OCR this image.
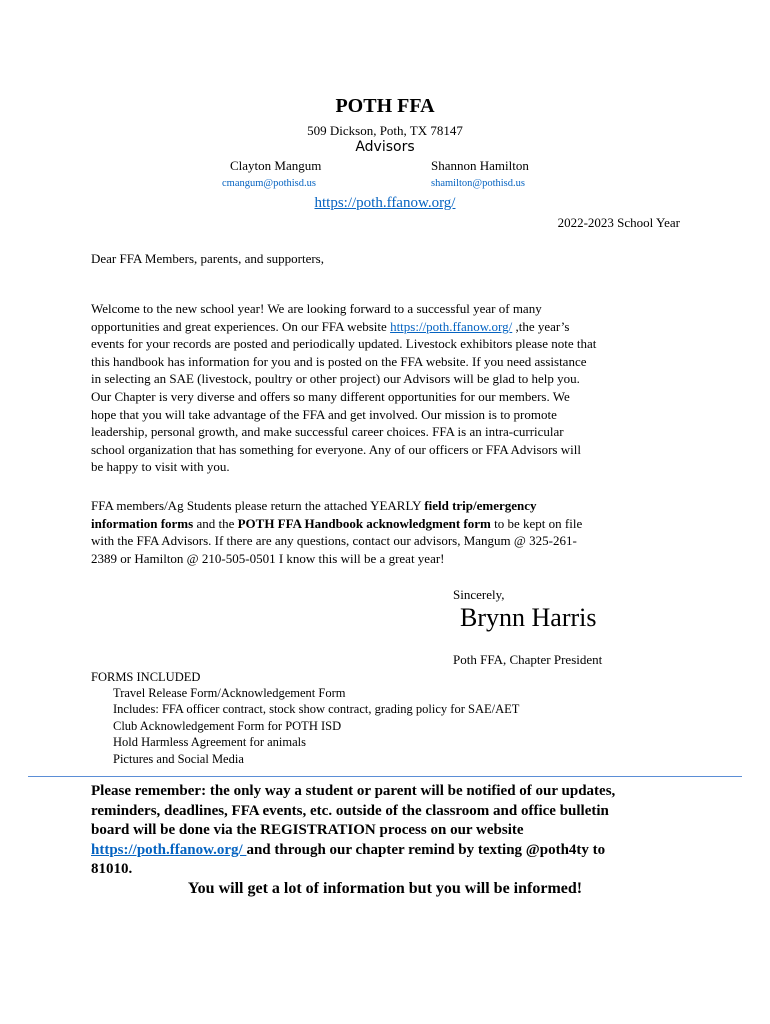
POTH FFA
509 Dickson, Poth, TX 78147
Advisors
Clayton Mangum	Shannon Hamilton
cmangum@pothisd.us	shamilton@pothisd.us
https://poth.ffanow.org/
2022-2023 School Year
Dear FFA Members, parents, and supporters,
Welcome to the new school year! We are looking forward to a successful year of many
opportunities and great experiences. On our FFA website https://poth.ffanow.org/ ,the year’s
events for your records are posted and periodically updated. Livestock exhibitors please note that
this handbook has information for you and is posted on the FFA website. If you need assistance
in selecting an SAE (livestock, poultry or other project) our Advisors will be glad to help you.
Our Chapter is very diverse and offers so many different opportunities for our members. We
hope that you will take advantage of the FFA and get involved. Our mission is to promote
leadership, personal growth, and make successful career choices. FFA is an intra-curricular
school organization that has something for everyone. Any of our officers or FFA Advisors will
be happy to visit with you.
FFA members/Ag Students please return the attached YEARLY field trip/emergency
information forms and the POTH FFA Handbook acknowledgment form to be kept on file
with the FFA Advisors. If there are any questions, contact our advisors, Mangum @ 325-261-
2389 or Hamilton @ 210-505-0501 I know this will be a great year!
Sincerely,
Brynn Harris
Poth FFA, Chapter President
FORMS INCLUDED
Travel Release Form/Acknowledgement Form
Includes: FFA officer contract, stock show contract, grading policy for SAE/AET
Club Acknowledgement Form for POTH ISD
Hold Harmless Agreement for animals
Pictures and Social Media
Please remember: the only way a student or parent will be notified of our updates,
reminders, deadlines, FFA events, etc. outside of the classroom and office bulletin
board will be done via the REGISTRATION process on our website
https://poth.ffanow.org/ and through our chapter remind by texting @poth4ty to
81010.
You will get a lot of information but you will be informed!
